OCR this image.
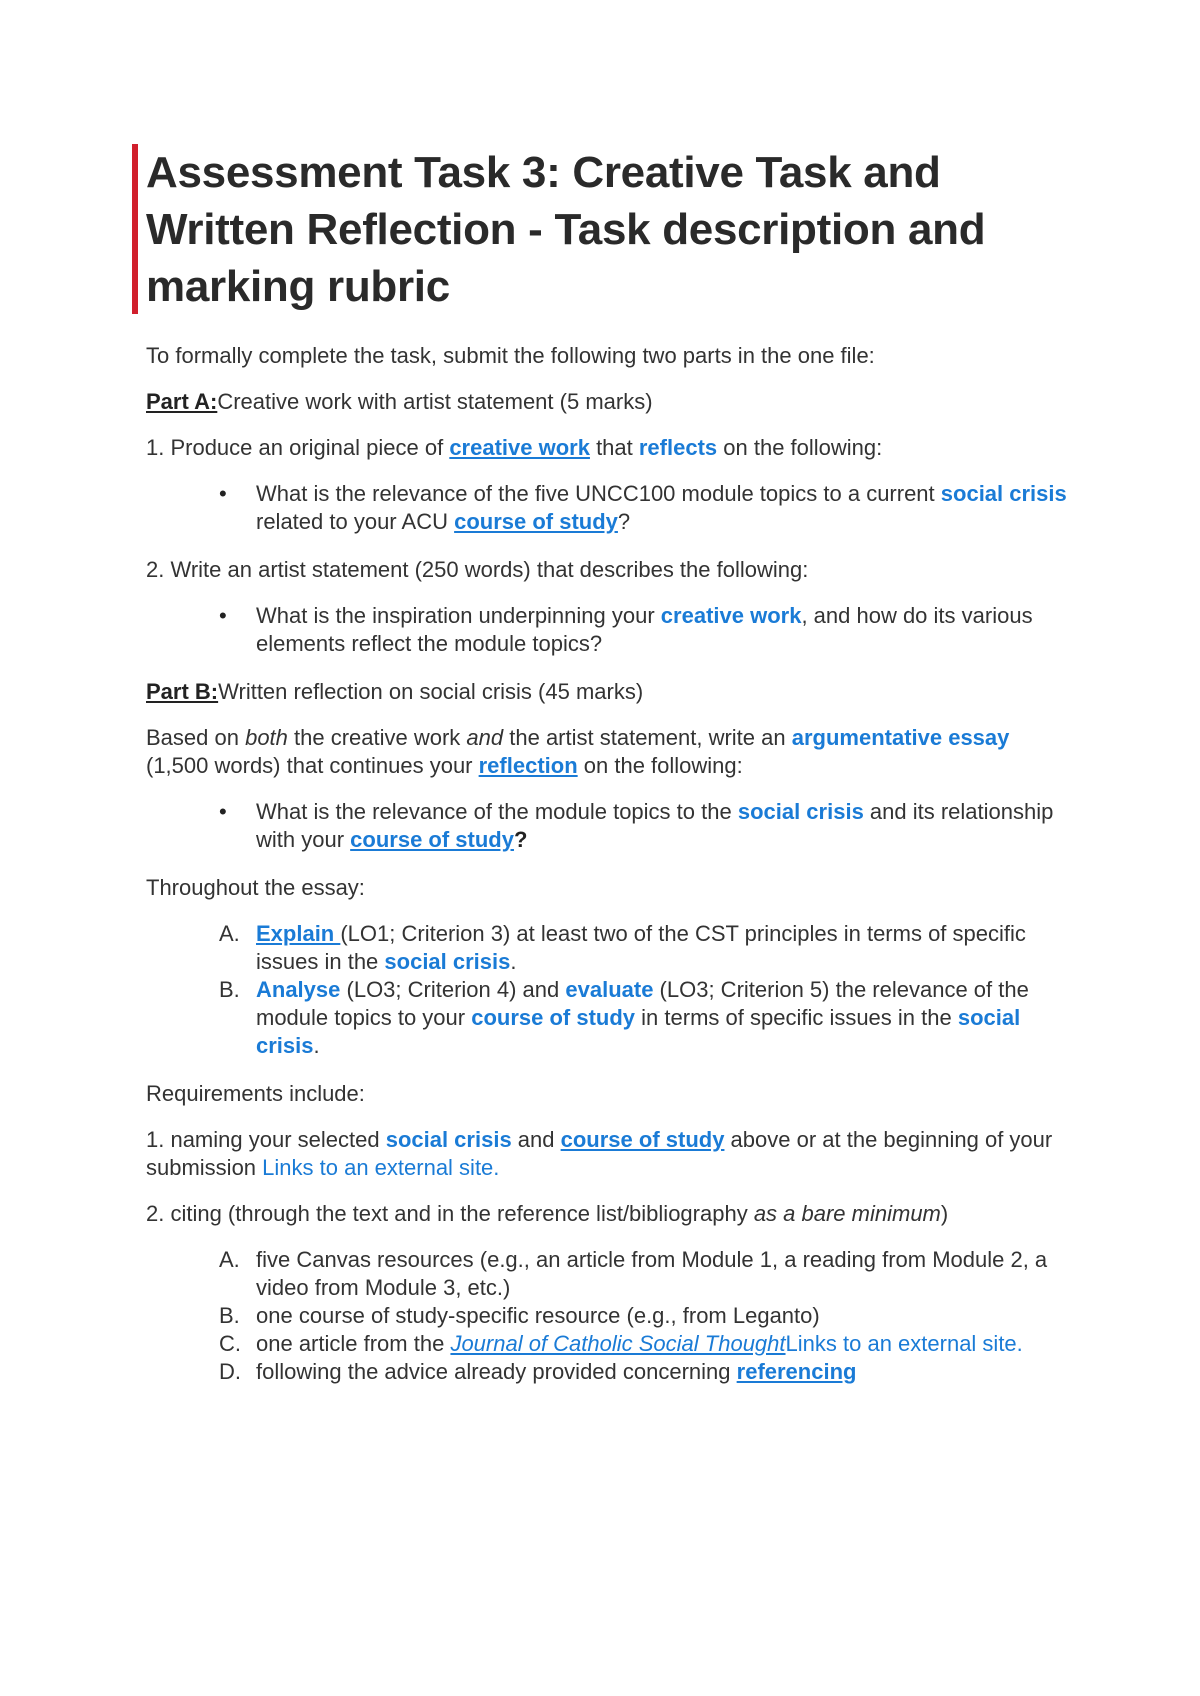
Assessment Task 3: Creative Task and Written Reflection - Task description and marking rubric

To formally complete the task, submit the following two parts in the one file:

Part A:Creative work with artist statement (5 marks)

1. Produce an original piece of creative work that reflects on the following:

• What is the relevance of the five UNCC100 module topics to a current social crisis related to your ACU course of study?

2. Write an artist statement (250 words) that describes the following:

• What is the inspiration underpinning your creative work, and how do its various elements reflect the module topics?

Part B:Written reflection on social crisis (45 marks)

Based on both the creative work and the artist statement, write an argumentative essay (1,500 words) that continues your reflection on the following:

• What is the relevance of the module topics to the social crisis and its relationship with your course of study?

Throughout the essay:

A. Explain (LO1; Criterion 3) at least two of the CST principles in terms of specific issues in the social crisis.
B. Analyse (LO3; Criterion 4) and evaluate (LO3; Criterion 5) the relevance of the module topics to your course of study in terms of specific issues in the social crisis.

Requirements include:

1. naming your selected social crisis and course of study above or at the beginning of your submission Links to an external site.

2. citing (through the text and in the reference list/bibliography as a bare minimum)

A. five Canvas resources (e.g., an article from Module 1, a reading from Module 2, a video from Module 3, etc.)
B. one course of study-specific resource (e.g., from Leganto)
C. one article from the Journal of Catholic Social ThoughtLinks to an external site.
D. following the advice already provided concerning referencing
